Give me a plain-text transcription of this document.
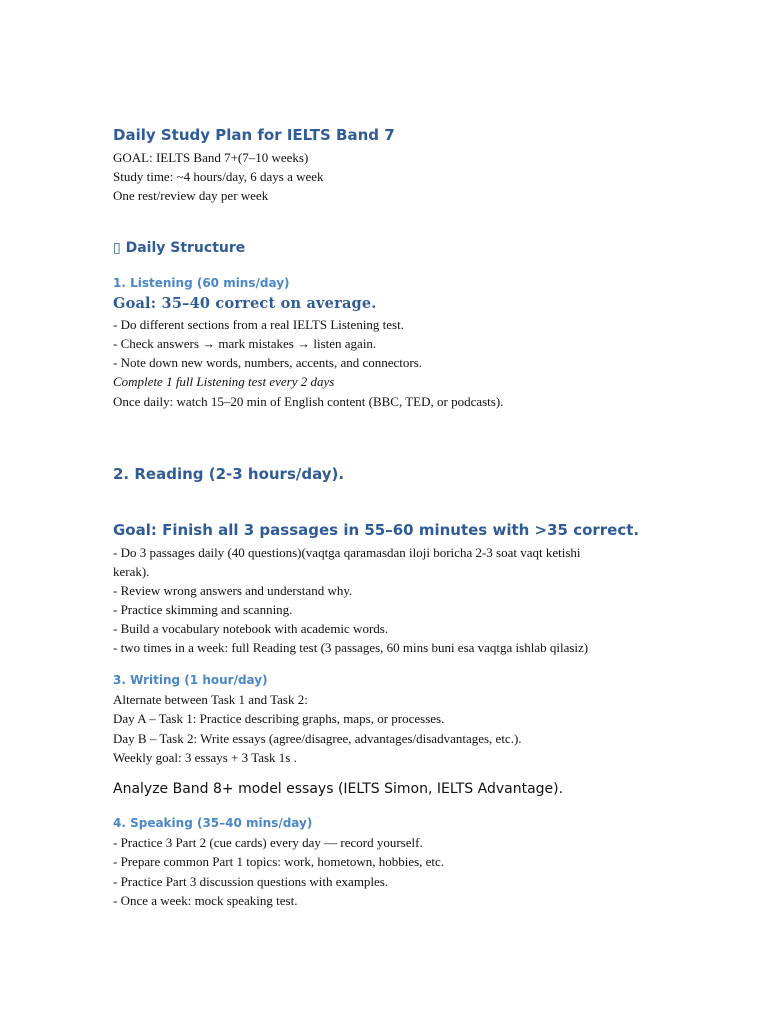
Daily Study Plan for IELTS Band 7
GOAL: IELTS Band 7+(7–10 weeks)
Study time: ~4 hours/day, 6 days a week
One rest/review day per week
▯ Daily Structure
1. Listening (60 mins/day)
Goal: 35–40 correct on average.
- Do different sections from a real IELTS Listening test.
- Check answers → mark mistakes → listen again.
- Note down new words, numbers, accents, and connectors.
Complete 1 full Listening test every 2 days
Once daily: watch 15–20 min of English content (BBC, TED, or podcasts).
2. Reading (2-3 hours/day).
Goal: Finish all 3 passages in 55–60 minutes with >35 correct.
- Do 3 passages daily (40 questions)(vaqtga qaramasdan iloji boricha 2-3 soat vaqt ketishi
kerak).
- Review wrong answers and understand why.
- Practice skimming and scanning.
- Build a vocabulary notebook with academic words.
- two times in a week: full Reading test (3 passages, 60 mins buni esa vaqtga ishlab qilasiz)
3. Writing (1 hour/day)
Alternate between Task 1 and Task 2:
Day A – Task 1: Practice describing graphs, maps, or processes.
Day B – Task 2: Write essays (agree/disagree, advantages/disadvantages, etc.).
Weekly goal: 3 essays + 3 Task 1s .
Analyze Band 8+ model essays (IELTS Simon, IELTS Advantage).
4. Speaking (35–40 mins/day)
- Practice 3 Part 2 (cue cards) every day — record yourself.
- Prepare common Part 1 topics: work, hometown, hobbies, etc.
- Practice Part 3 discussion questions with examples.
- Once a week: mock speaking test.
